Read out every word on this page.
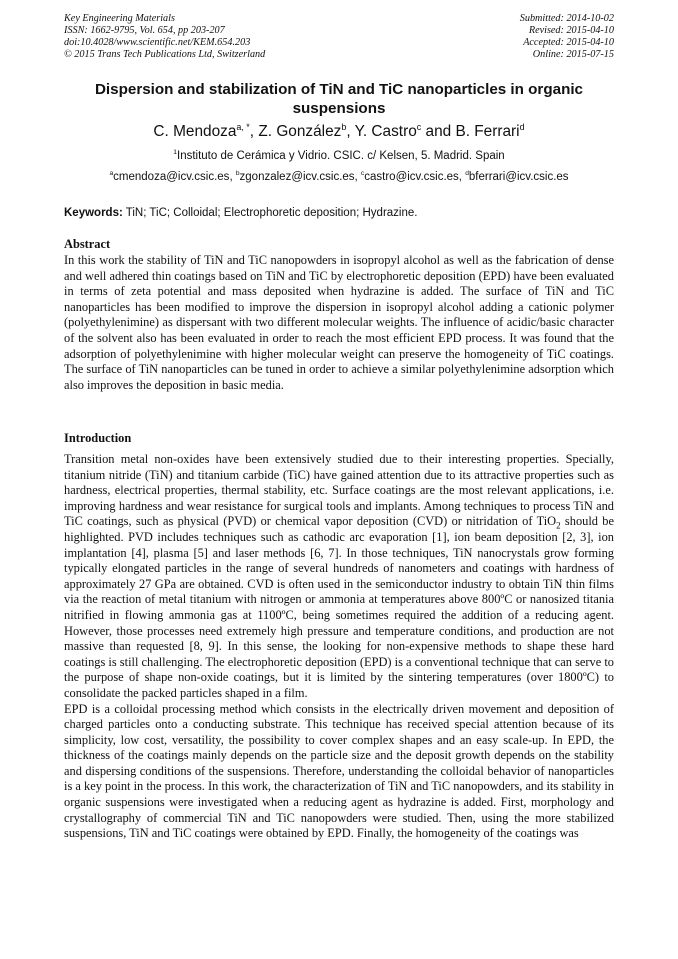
Key Engineering Materials
ISSN: 1662-9795, Vol. 654, pp 203-207
doi:10.4028/www.scientific.net/KEM.654.203
© 2015 Trans Tech Publications Ltd, Switzerland
Submitted: 2014-10-02
Revised: 2015-04-10
Accepted: 2015-04-10
Online: 2015-07-15
Dispersion and stabilization of TiN and TiC nanoparticles in organic suspensions
C. Mendoza$^{a, *}$, Z. González$^b$, Y. Castro$^c$ and B. Ferrari$^d$
$^1$Instituto de Cerámica y Vidrio. CSIC. c/ Kelsen, 5. Madrid. Spain
$^a$cmendoza@icv.csic.es, $^b$zgonzalez@icv.csic.es, $^c$castro@icv.csic.es, $^d$bferrari@icv.csic.es
Keywords: TiN; TiC; Colloidal; Electrophoretic deposition; Hydrazine.
Abstract

In this work the stability of TiN and TiC nanopowders in isopropyl alcohol as well as the fabrication of dense and well adhered thin coatings based on TiN and TiC by electrophoretic deposition (EPD) have been evaluated in terms of zeta potential and mass deposited when hydrazine is added. The surface of TiN and TiC nanoparticles has been modified to improve the dispersion in isopropyl alcohol adding a cationic polymer (polyethylenimine) as dispersant with two different molecular weights. The influence of acidic/basic character of the solvent also has been evaluated in order to reach the most efficient EPD process. It was found that the adsorption of polyethylenimine with higher molecular weight can preserve the homogeneity of TiC coatings. The surface of TiN nanoparticles can be tuned in order to achieve a similar polyethylenimine adsorption which also improves the deposition in basic media.

Introduction

Transition metal non-oxides have been extensively studied due to their interesting properties. Specially, titanium nitride (TiN) and titanium carbide (TiC) have gained attention due to its attractive properties such as hardness, electrical properties, thermal stability, etc. Surface coatings are the most relevant applications, i.e. improving hardness and wear resistance for surgical tools and implants. Among techniques to process TiN and TiC coatings, such as physical (PVD) or chemical vapor deposition (CVD) or nitridation of TiO$_2$ should be highlighted. PVD includes techniques such as cathodic arc evaporation [1], ion beam deposition [2, 3], ion implantation [4], plasma [5] and laser methods [6, 7]. In those techniques, TiN nanocrystals grow forming typically elongated particles in the range of several hundreds of nanometers and coatings with hardness of approximately 27 GPa are obtained. CVD is often used in the semiconductor industry to obtain TiN thin films via the reaction of metal titanium with nitrogen or ammonia at temperatures above 800ºC or nanosized titania nitrified in flowing ammonia gas at 1100ºC, being sometimes required the addition of a reducing agent. However, those processes need extremely high pressure and temperature conditions, and production are not massive than requested [8, 9]. In this sense, the looking for non-expensive methods to shape these hard coatings is still challenging. The electrophoretic deposition (EPD) is a conventional technique that can serve to the purpose of shape non-oxide coatings, but it is limited by the sintering temperatures (over 1800ºC) to consolidate the packed particles shaped in a film.

EPD is a colloidal processing method which consists in the electrically driven movement and deposition of charged particles onto a conducting substrate. This technique has received special attention because of its simplicity, low cost, versatility, the possibility to cover complex shapes and an easy scale-up. In EPD, the thickness of the coatings mainly depends on the particle size and the deposit growth depends on the stability and dispersing conditions of the suspensions. Therefore, understanding the colloidal behavior of nanoparticles is a key point in the process. In this work, the characterization of TiN and TiC nanopowders, and its stability in organic suspensions were investigated when a reducing agent as hydrazine is added. First, morphology and crystallography of commercial TiN and TiC nanopowders were studied. Then, using the more stabilized suspensions, TiN and TiC coatings were obtained by EPD. Finally, the homogeneity of the coatings was
